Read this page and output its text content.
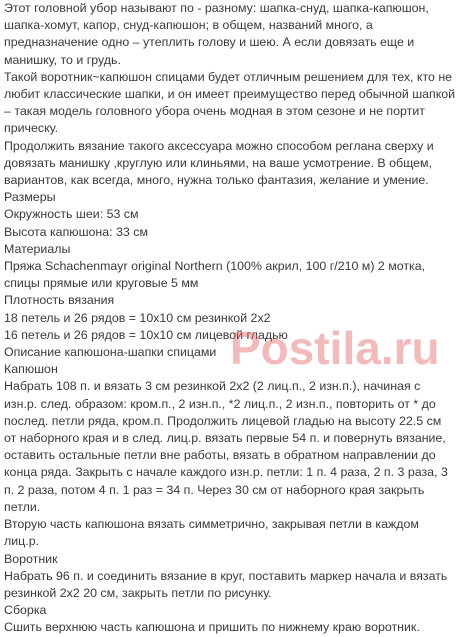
Этот головной убор называют по - разному: шапка-снуд, шапка-капюшон, шапка-хомут, капор, снуд-капюшон; в общем, названий много, а предназначение одно – утеплить голову и шею. А если довязать еще и манишку, то и грудь.

Такой воротник~капюшон спицами будет отличным решением для тех, кто не любит классические шапки, и он имеет преимущество перед обычной шапкой – такая модель головного убора очень модная в этом сезоне и не портит прическу.

Продолжить вязание такого аксессуара можно способом реглана сверху и довязать манишку ,круглую или клиньями, на ваше усмотрение. В общем, вариантов, как всегда, много, нужна только фантазия, желание и умение.

Размеры

Окружность шеи: 53 см

Высота капюшона: 33 см

Материалы

Пряжа Schachenmayr original Northern (100% акрил, 100 г/210 м) 2 мотка, спицы прямые или круговые 5 мм

Плотность вязания

18 петель и 26 рядов = 10х10 см резинкой 2х2

16 петель и 26 рядов = 10х10 см лицевой гладью

Описание капюшона-шапки спицами

Капюшон

Набрать 108 п. и вязать 3 см резинкой 2х2 (2 лиц.п., 2 изн.п.), начиная с изн.р. след. образом: кром.п., 2 изн.п., *2 лиц.п., 2 изн.п., повторить от * до послед. петли ряда, кром.п. Продолжить лицевой гладью на высоту 22.5 см от наборного края и в след. лиц.р. вязать первые 54 п. и повернуть вязание, оставить остальные петли вне работы, вязать в обратном направлении до конца ряда. Закрыть с начале каждого изн.р. петли: 1 п. 4 раза, 2 п. 3 раза, 3 п. 2 раза, потом 4 п. 1 раз = 34 п. Через 30 см от наборного края закрыть петли.

Вторую часть капюшона вязать симметрично, закрывая петли в каждом лиц.р.

Воротник

Набрать 96 п. и соединить вязание в круг, поставить маркер начала и вязать резинкой 2х2 20 см, закрыть петли по рисунку.

Сборка

Сшить верхнюю часть капюшона и пришить по нижнему краю воротник.

Postila.ru
